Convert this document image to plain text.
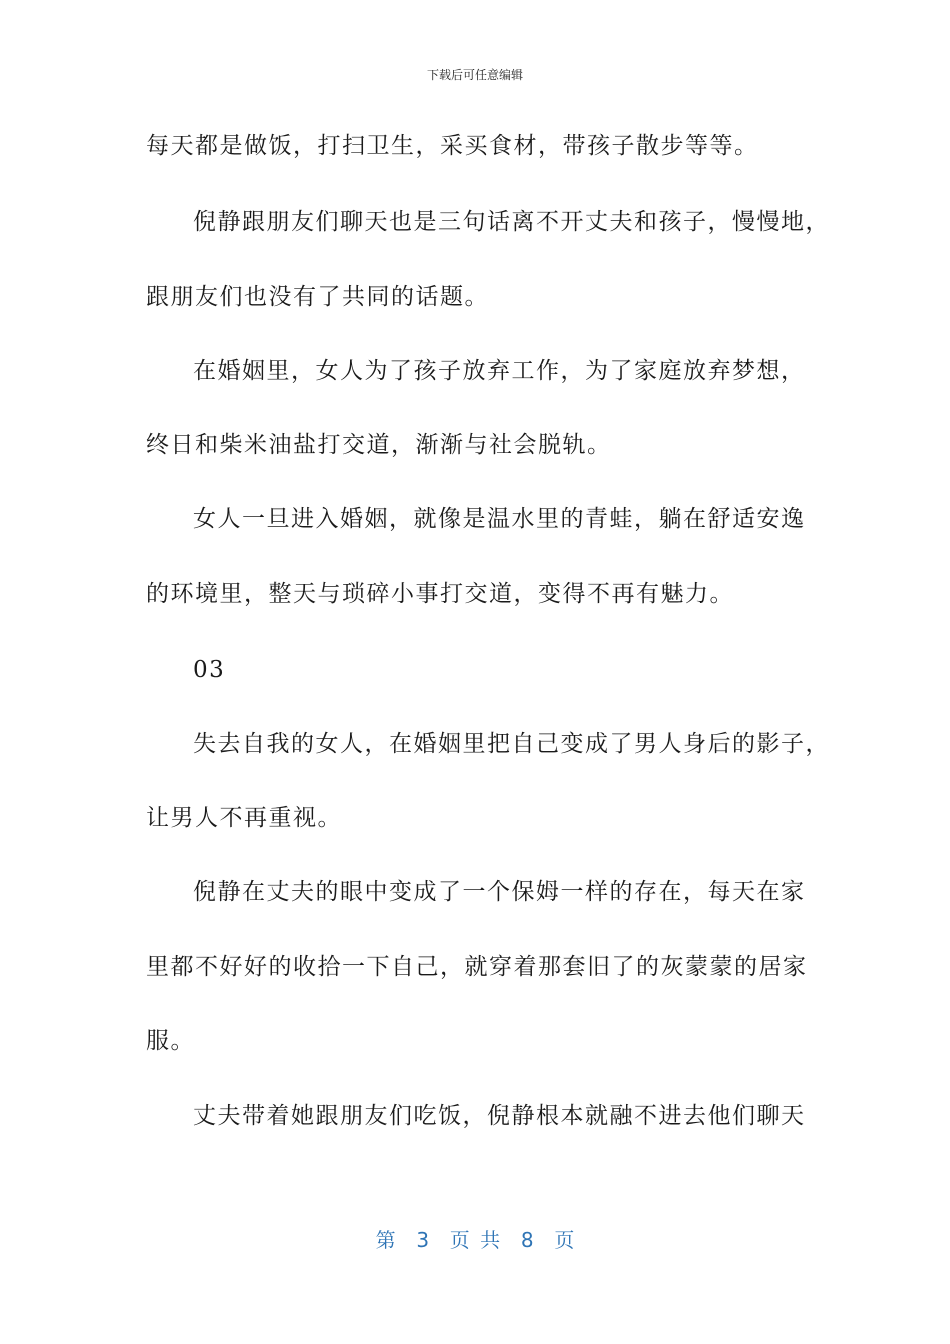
下载后可任意编辑
每天都是做饭，打扫卫生，采买食材，带孩子散步等等。
倪静跟朋友们聊天也是三句话离不开丈夫和孩子，慢慢地，
跟朋友们也没有了共同的话题。
在婚姻里，女人为了孩子放弃工作，为了家庭放弃梦想，
终日和柴米油盐打交道，渐渐与社会脱轨。
女人一旦进入婚姻，就像是温水里的青蛙，躺在舒适安逸
的环境里，整天与琐碎小事打交道，变得不再有魅力。
03
失去自我的女人，在婚姻里把自己变成了男人身后的影子，
让男人不再重视。
倪静在丈夫的眼中变成了一个保姆一样的存在，每天在家
里都不好好的收拾一下自己，就穿着那套旧了的灰蒙蒙的居家
服。
丈夫带着她跟朋友们吃饭，倪静根本就融不进去他们聊天
第  3  页 共  8  页
